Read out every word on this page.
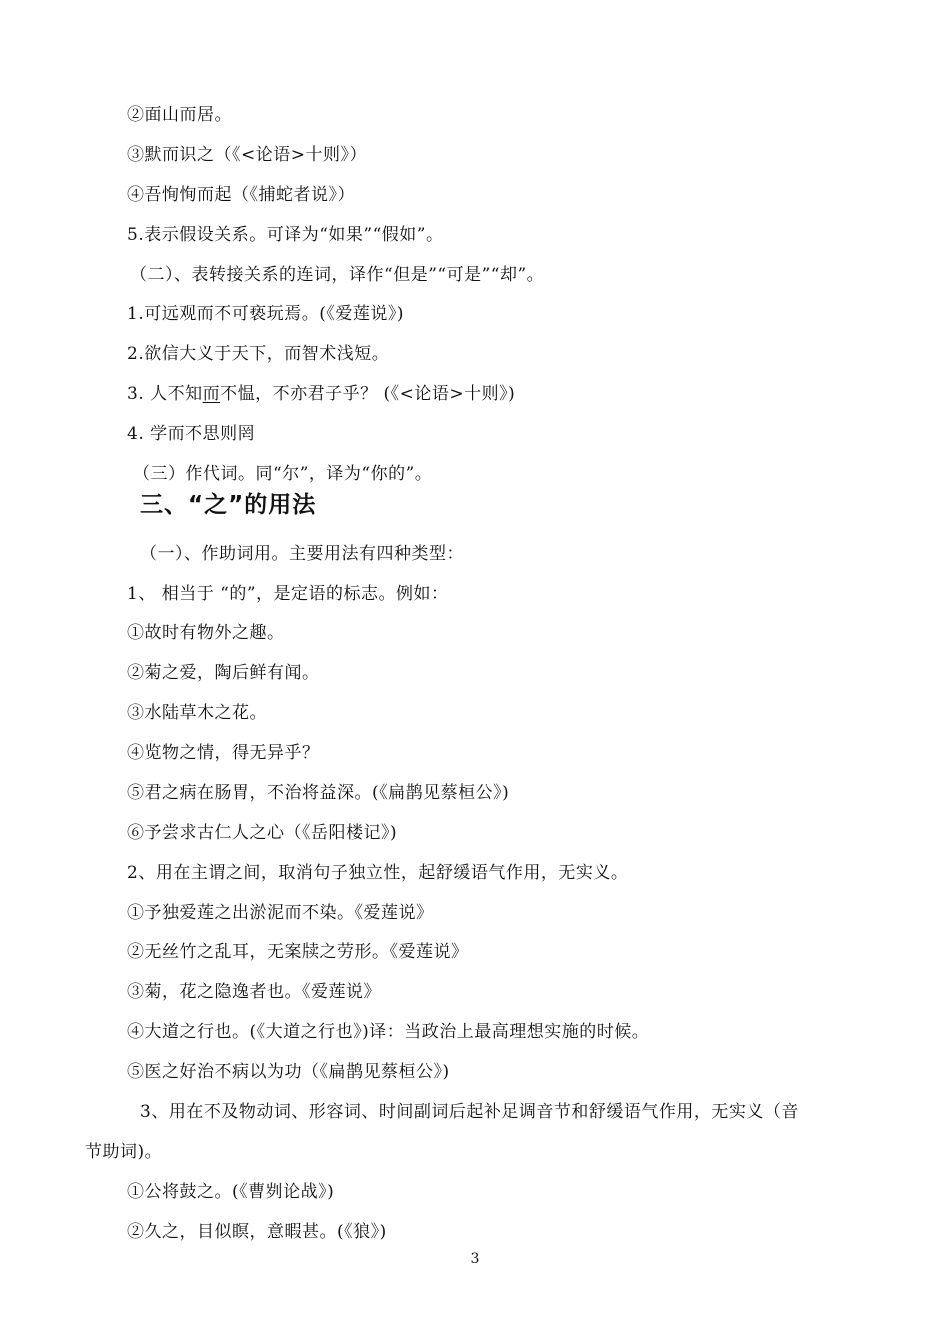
②面山而居。
③默而识之（《<论语>十则》）
④吾恂恂而起（《捕蛇者说》）
5.表示假设关系。可译为“如果”“假如”。
（二）、表转接关系的连词，译作“但是”“可是”“却”。
1.可远观而不可亵玩焉。(《爱莲说》)
2.欲信大义于天下，而智术浅短。
3. 人不知而不愠，不亦君子乎？ (《<论语>十则》)
4. 学而不思则罔
（三）作代词。同“尔”，译为“你的”。
三、“之”的用法
（一）、作助词用。主要用法有四种类型：
1、 相当于 “的”，是定语的标志。例如：
①故时有物外之趣。
②菊之爱，陶后鲜有闻。
③水陆草木之花。
④览物之情，得无异乎？
⑤君之病在肠胃，不治将益深。(《扁鹊见蔡桓公》)
⑥予尝求古仁人之心（《岳阳楼记》)
2、用在主谓之间，取消句子独立性，起舒缓语气作用，无实义。
①予独爱莲之出淤泥而不染。《爱莲说》
②无丝竹之乱耳，无案牍之劳形。《爱莲说》
③菊，花之隐逸者也。《爱莲说》
④大道之行也。(《大道之行也》)译：当政治上最高理想实施的时候。
⑤医之好治不病以为功（《扁鹊见蔡桓公》)
3、用在不及物动词、形容词、时间副词后起补足调音节和舒缓语气作用，无实义（音
节助词)。
①公将鼓之。(《曹刿论战》)
②久之，目似瞑，意暇甚。(《狼》)
3
